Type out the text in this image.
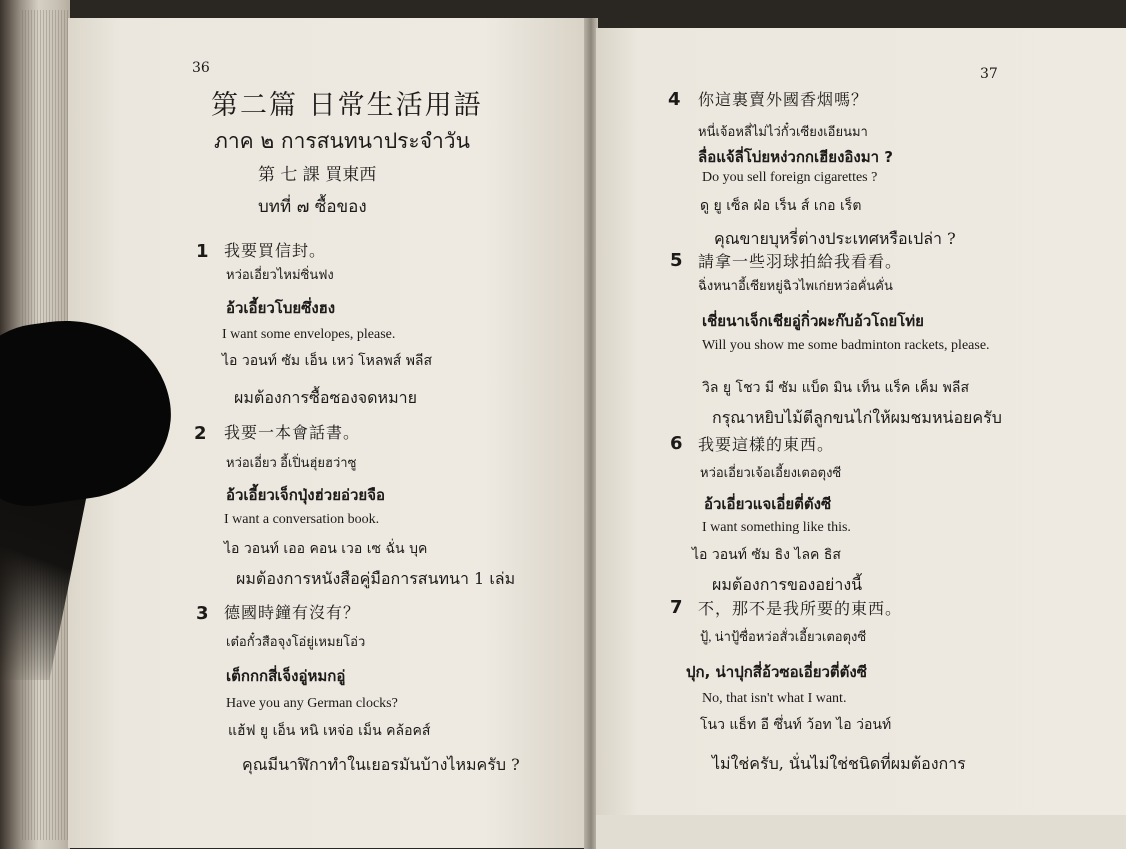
36
第二篇 日常生活用語
ภาค ๒ การสนทนาประจำวัน
第 七 課 買東西
บทที่ ๗ ซื้อของ
1 我要買信封。
หว่อเอี่ยวไหม่ซิ่นฟง
อ้วเอี้ยวโบยซึ่งฮง
I want some envelopes, please.
ไอ วอนท์ ซัม เอ็น เหว่ โหลพส์ พลีส
ผมต้องการซื้อซองจดหมาย
2 我要一本會話書。
หว่อเอี่ยว อี้เปิ่นฮุ่ยฮว่าซู
อ้วเอี้ยวเจ็กปุ่งฮ่วยอ่วยจือ
I want a conversation book.
ไอ วอนท์ เออ คอน เวอ เซ ฉั่น บุค
ผมต้องการหนังสือคู่มือการสนทนา 1 เล่ม
3 德國時鐘有沒有？
เต๋อกั๋วสือจุงโอ่ยู่เหมยโอ่ว
เต็กกกสี่เจ็งอู่หมกอู่
Have you any German clocks?
แฮ้ฟ ยู เอ็น หนิ เหจ่อ เม็น คล้อคส์
คุณมีนาฬิกาทำในเยอรมันบ้างไหมครับ ?
37
4 你這裏賣外國香烟嗎？
หนี่เจ้อหลี่ไม่ไว่กั๋วเซียงเอียนมา
ลื่อแจ้ลี่โบ่ยหง่วกกเฮียงอิงมา ?
Do you sell foreign cigarettes ?
ดู ยู เซ็ล ฝ่อ เร็น ส์ เกอ เร็ต
คุณขายบุหรี่ต่างประเทศหรือเปล่า ?
5 請拿一些羽球拍給我看看。
ฉิ่งหนาอี้เซียหยู่ฉิวไพเก่ยหว่อคั่นคั่น
เชี่ยนาเจ็กเชียอู่กิ่วผะก๊บอ้วโถยโท่ย
Will you show me some badminton rackets, please.
วิล ยู โชว มี ซัม แบ็ด มิน เท็น แร็ค เค็ม พลีส
กรุณาหยิบไม้ตีลูกขนไก่ให้ผมชมหน่อยครับ
6 我要這樣的東西。
หว่อเอี่ยวเจ้อเอี้ยงเตอตุงซี
อ้วเอี่ยวแจเอี่ยตี่ตังซี
I want something like this.
ไอ วอนท์ ซัม ธิง ไลค ธิส
ผมต้องการของอย่างนี้
7 不，那不是我所要的東西。
ปู้, น่าปู้ซื่อหว่อสั่วเอี้ยวเตอตุงซี
ปุก, น่าปุกสี่อ้วซอเอี่ยวตี่ตังซี
No, that isn't what I want.
โนว แธ็ท อี ซึ่นท์ ว้อท ไอ ว่อนท์
ไม่ใช่ครับ, นั่นไม่ใช่ชนิดที่ผมต้องการ
